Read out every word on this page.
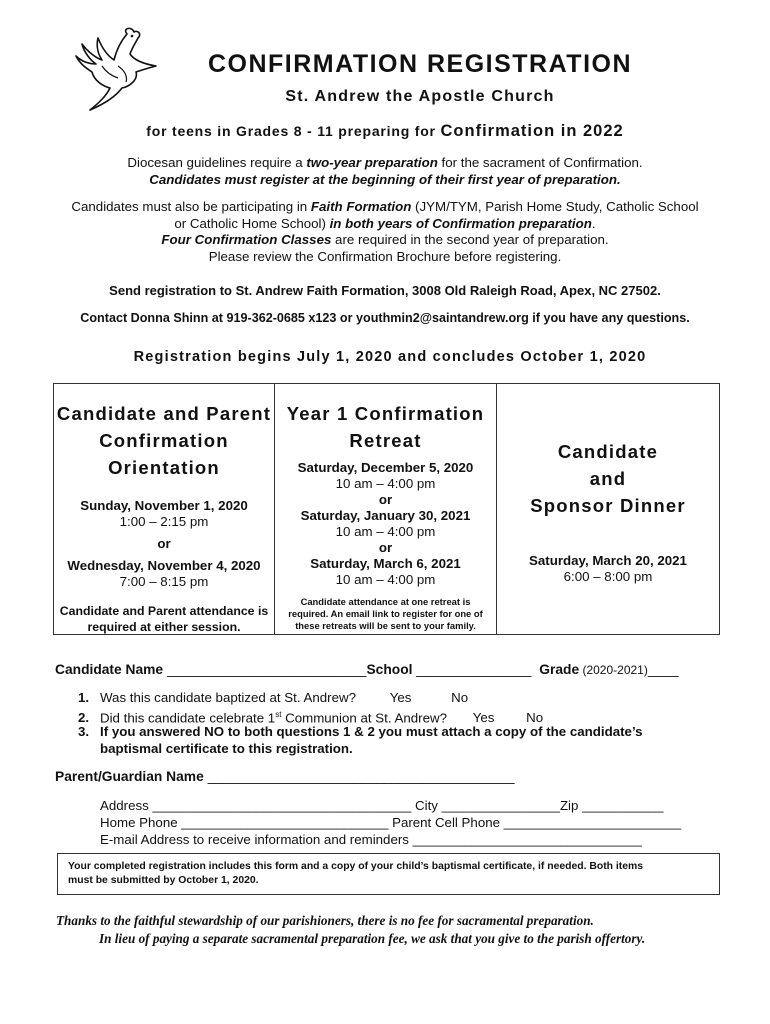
CONFIRMATION REGISTRATION
St. Andrew the Apostle Church
for teens in Grades 8 - 11 preparing for Confirmation in 2022
Diocesan guidelines require a two-year preparation for the sacrament of Confirmation.
Candidates must register at the beginning of their first year of preparation.
Candidates must also be participating in Faith Formation (JYM/TYM, Parish Home Study, Catholic School
or Catholic Home School) in both years of Confirmation preparation.
Four Confirmation Classes are required in the second year of preparation.
Please review the Confirmation Brochure before registering.
Send registration to St. Andrew Faith Formation, 3008 Old Raleigh Road, Apex, NC 27502.
Contact Donna Shinn at 919-362-0685 x123 or youthmin2@saintandrew.org if you have any questions.
Registration begins July 1, 2020 and concludes October 1, 2020
Candidate and Parent
Confirmation
Orientation
Sunday, November 1, 2020
1:00 – 2:15 pm
or
Wednesday, November 4, 2020
7:00 – 8:15 pm
Candidate and Parent attendance is
required at either session.
Year 1 Confirmation
Retreat
Saturday, December 5, 2020
10 am – 4:00 pm
or
Saturday, January 30, 2021
10 am – 4:00 pm
or
Saturday, March 6, 2021
10 am – 4:00 pm
Candidate attendance at one retreat is
required. An email link to register for one of
these retreats will be sent to your family.
Candidate
and
Sponsor Dinner
Saturday, March 20, 2021
6:00 – 8:00 pm
Candidate Name __________________________School _______________ Grade (2020-2021)____
1. Was this candidate baptized at St. Andrew?	Yes	No
2. Did this candidate celebrate 1st Communion at St. Andrew? Yes No
3. If you answered NO to both questions 1 & 2 you must attach a copy of the candidate’s
baptismal certificate to this registration.
Parent/Guardian Name ________________________________________
Address ___________________________________ City ________________Zip ___________
Home Phone ____________________________ Parent Cell Phone ________________________
E-mail Address to receive information and reminders _______________________________
Your completed registration includes this form and a copy of your child’s baptismal certificate, if needed. Both items
must be submitted by October 1, 2020.
Thanks to the faithful stewardship of our parishioners, there is no fee for sacramental preparation.
In lieu of paying a separate sacramental preparation fee, we ask that you give to the parish offertory.
